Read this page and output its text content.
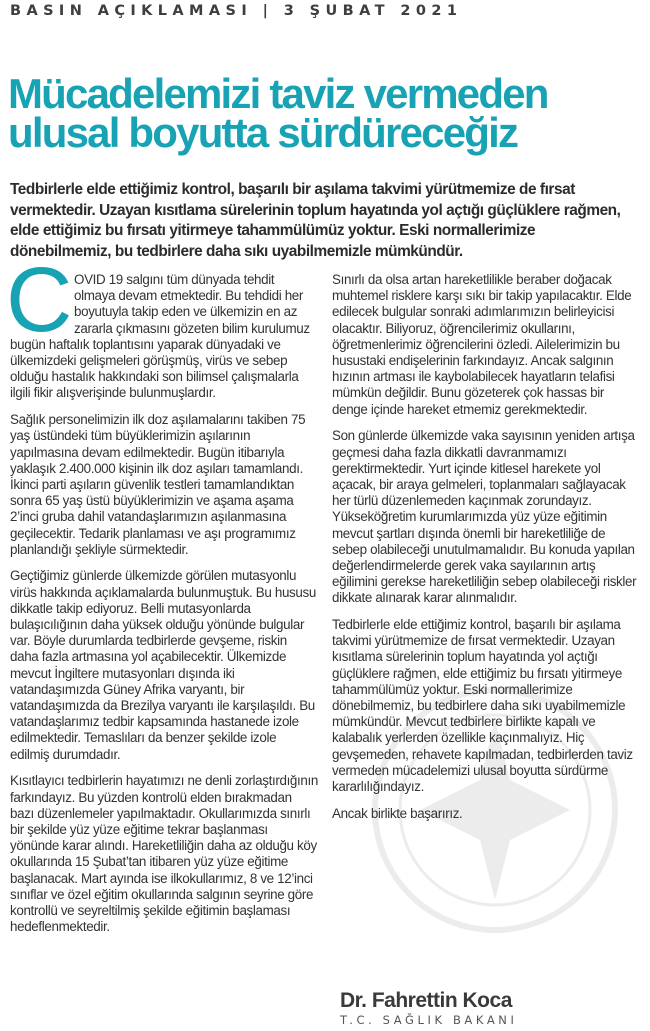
BASIN AÇIKLAMASI | 3 ŞUBAT 2021
Mücadelemizi taviz vermeden
ulusal boyutta sürdüreceğiz

Tedbirlerle elde ettiğimiz kontrol, başarılı bir aşılama takvimi yürütmemize de fırsat vermektedir. Uzayan kısıtlama sürelerinin toplum hayatında yol açtığı güçlüklere rağmen, elde ettiğimiz bu fırsatı yitirmeye tahammülümüz yoktur. Eski normallerimize dönebilmemiz, bu tedbirlere daha sıkı uyabilmemizle mümkündür.

C OVID 19 salgını tüm dünyada tehdit olmaya devam etmektedir. Bu tehdidi her boyutuyla takip eden ve ülkemizin en az zararla çıkmasını gözeten bilim kurulumuz bugün haftalık toplantısını yaparak dünyadaki ve ülkemizdeki gelişmeleri görüşmüş, virüs ve sebep olduğu hastalık hakkındaki son bilimsel çalışmalarla ilgili fikir alışverişinde bulunmuşlardır.

Sağlık personelimizin ilk doz aşılamalarını takiben 75 yaş üstündeki tüm büyüklerimizin aşılarının yapılmasına devam edilmektedir. Bugün itibarıyla yaklaşık 2.400.000 kişinin ilk doz aşıları tamamlandı. İkinci parti aşıların güvenlik testleri tamamlandıktan sonra 65 yaş üstü büyüklerimizin ve aşama aşama 2’inci gruba dahil vatandaşlarımızın aşılanmasına geçilecektir. Tedarik planlaması ve aşı programımız planlandığı şekliyle sürmektedir.

Geçtiğimiz günlerde ülkemizde görülen mutasyonlu virüs hakkında açıklamalarda bulunmuştuk. Bu hususu dikkatle takip ediyoruz. Belli mutasyonlarda bulaşıcılığının daha yüksek olduğu yönünde bulgular var. Böyle durumlarda tedbirlerde gevşeme, riskin daha fazla artmasına yol açabilecektir. Ülkemizde mevcut İngiltere mutasyonları dışında iki vatandaşımızda Güney Afrika varyantı, bir vatandaşımızda da Brezilya varyantı ile karşılaşıldı. Bu vatandaşlarımız tedbir kapsamında hastanede izole edilmektedir. Temaslıları da benzer şekilde izole edilmiş durumdadır.

Kısıtlayıcı tedbirlerin hayatımızı ne denli zorlaştırdığının farkındayız. Bu yüzden kontrolü elden bırakmadan bazı düzenlemeler yapılmaktadır. Okullarımızda sınırlı bir şekilde yüz yüze eğitime tekrar başlanması yönünde karar alındı. Hareketliliğin daha az olduğu köy okullarında 15 Şubat’tan itibaren yüz yüze eğitime başlanacak. Mart ayında ise ilkokullarımız, 8 ve 12’inci sınıflar ve özel eğitim okullarında salgının seyrine göre kontrollü ve seyreltilmiş şekilde eğitimin başlaması hedeflenmektedir.

Sınırlı da olsa artan hareketlilikle beraber doğacak muhtemel risklere karşı sıkı bir takip yapılacaktır. Elde edilecek bulgular sonraki adımlarımızın belirleyicisi olacaktır. Biliyoruz, öğrencilerimiz okullarını, öğretmenlerimiz öğrencilerini özledi. Ailelerimizin bu husustaki endişelerinin farkındayız. Ancak salgının hızının artması ile kaybolabilecek hayatların telafisi mümkün değildir. Bunu gözeterek çok hassas bir denge içinde hareket etmemiz gerekmektedir.

Son günlerde ülkemizde vaka sayısının yeniden artışa geçmesi daha fazla dikkatli davranmamızı gerektirmektedir. Yurt içinde kitlesel harekete yol açacak, bir araya gelmeleri, toplanmaları sağlayacak her türlü düzenlemeden kaçınmak zorundayız. Yükseköğretim kurumlarımızda yüz yüze eğitimin mevcut şartları dışında önemli bir hareketliliğe de sebep olabileceği unutulmamalıdır. Bu konuda yapılan değerlendirmelerde gerek vaka sayılarının artış eğilimini gerekse hareketliliğin sebep olabileceği riskler dikkate alınarak karar alınmalıdır.

Tedbirlerle elde ettiğimiz kontrol, başarılı bir aşılama takvimi yürütmemize de fırsat vermektedir. Uzayan kısıtlama sürelerinin toplum hayatında yol açtığı güçlüklere rağmen, elde ettiğimiz bu fırsatı yitirmeye tahammülümüz yoktur. Eski normallerimize dönebilmemiz, bu tedbirlere daha sıkı uyabilmemizle mümkündür. Mevcut tedbirlere birlikte kapalı ve kalabalık yerlerden özellikle kaçınmalıyız. Hiç gevşemeden, rehavete kapılmadan, tedbirlerden taviz vermeden mücadelemizi ulusal boyutta sürdürme kararlılığındayız.

Ancak birlikte başarırız.

Dr. Fahrettin Koca
T.C. SAĞLIK BAKANI
